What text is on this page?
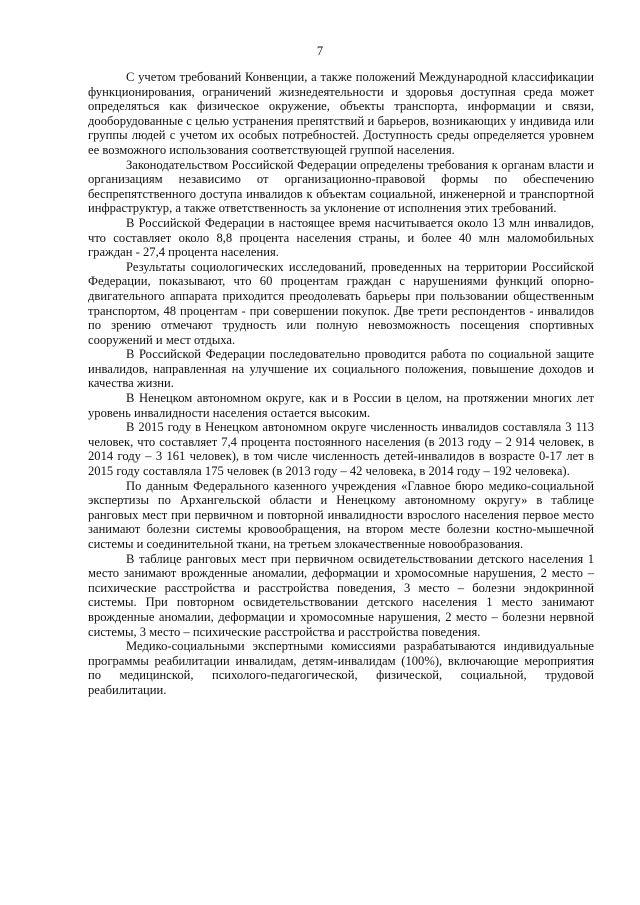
7

С учетом требований Конвенции, а также положений Международной классификации функционирования, ограничений жизнедеятельности и здоровья доступная среда может определяться как физическое окружение, объекты транспорта, информации и связи, дооборудованные с целью устранения препятствий и барьеров, возникающих у индивида или группы людей с учетом их особых потребностей. Доступность среды определяется уровнем ее возможного использования соответствующей группой населения.

Законодательством Российской Федерации определены требования к органам власти и организациям независимо от организационно-правовой формы по обеспечению беспрепятственного доступа инвалидов к объектам социальной, инженерной и транспортной инфраструктур, а также ответственность за уклонение от исполнения этих требований.

В Российской Федерации в настоящее время насчитывается около 13 млн инвалидов, что составляет около 8,8 процента населения страны, и более 40 млн маломобильных граждан - 27,4 процента населения.

Результаты социологических исследований, проведенных на территории Российской Федерации, показывают, что 60 процентам граждан с нарушениями функций опорно-двигательного аппарата приходится преодолевать барьеры при пользовании общественным транспортом, 48 процентам - при совершении покупок. Две трети респондентов - инвалидов по зрению отмечают трудность или полную невозможность посещения спортивных сооружений и мест отдыха.

В Российской Федерации последовательно проводится работа по социальной защите инвалидов, направленная на улучшение их социального положения, повышение доходов и качества жизни.

В Ненецком автономном округе, как и в России в целом, на протяжении многих лет уровень инвалидности населения остается высоким.

В 2015 году в Ненецком автономном округе численность инвалидов составляла 3 113 человек, что составляет 7,4 процента постоянного населения (в 2013 году – 2 914 человек, в 2014 году – 3 161 человек), в том числе численность детей-инвалидов в возрасте 0-17 лет в 2015 году составляла 175 человек (в 2013 году – 42 человека, в 2014 году – 192 человека).

По данным Федерального казенного учреждения «Главное бюро медико-социальной экспертизы по Архангельской области и Ненецкому автономному округу» в таблице ранговых мест при первичном и повторной инвалидности взрослого населения первое место занимают болезни системы кровообращения, на втором месте болезни костно-мышечной системы и соединительной ткани, на третьем злокачественные новообразования.

В таблице ранговых мест при первичном освидетельствовании детского населения 1 место занимают врожденные аномалии, деформации и хромосомные нарушения, 2 место – психические расстройства и расстройства поведения, 3 место – болезни эндокринной системы. При повторном освидетельствовании детского населения 1 место занимают врожденные аномалии, деформации и хромосомные нарушения, 2 место – болезни нервной системы, 3 место – психические расстройства и расстройства поведения.

Медико-социальными экспертными комиссиями разрабатываются индивидуальные программы реабилитации инвалидам, детям-инвалидам (100%), включающие мероприятия по медицинской, психолого-педагогической, физической, социальной, трудовой реабилитации.
